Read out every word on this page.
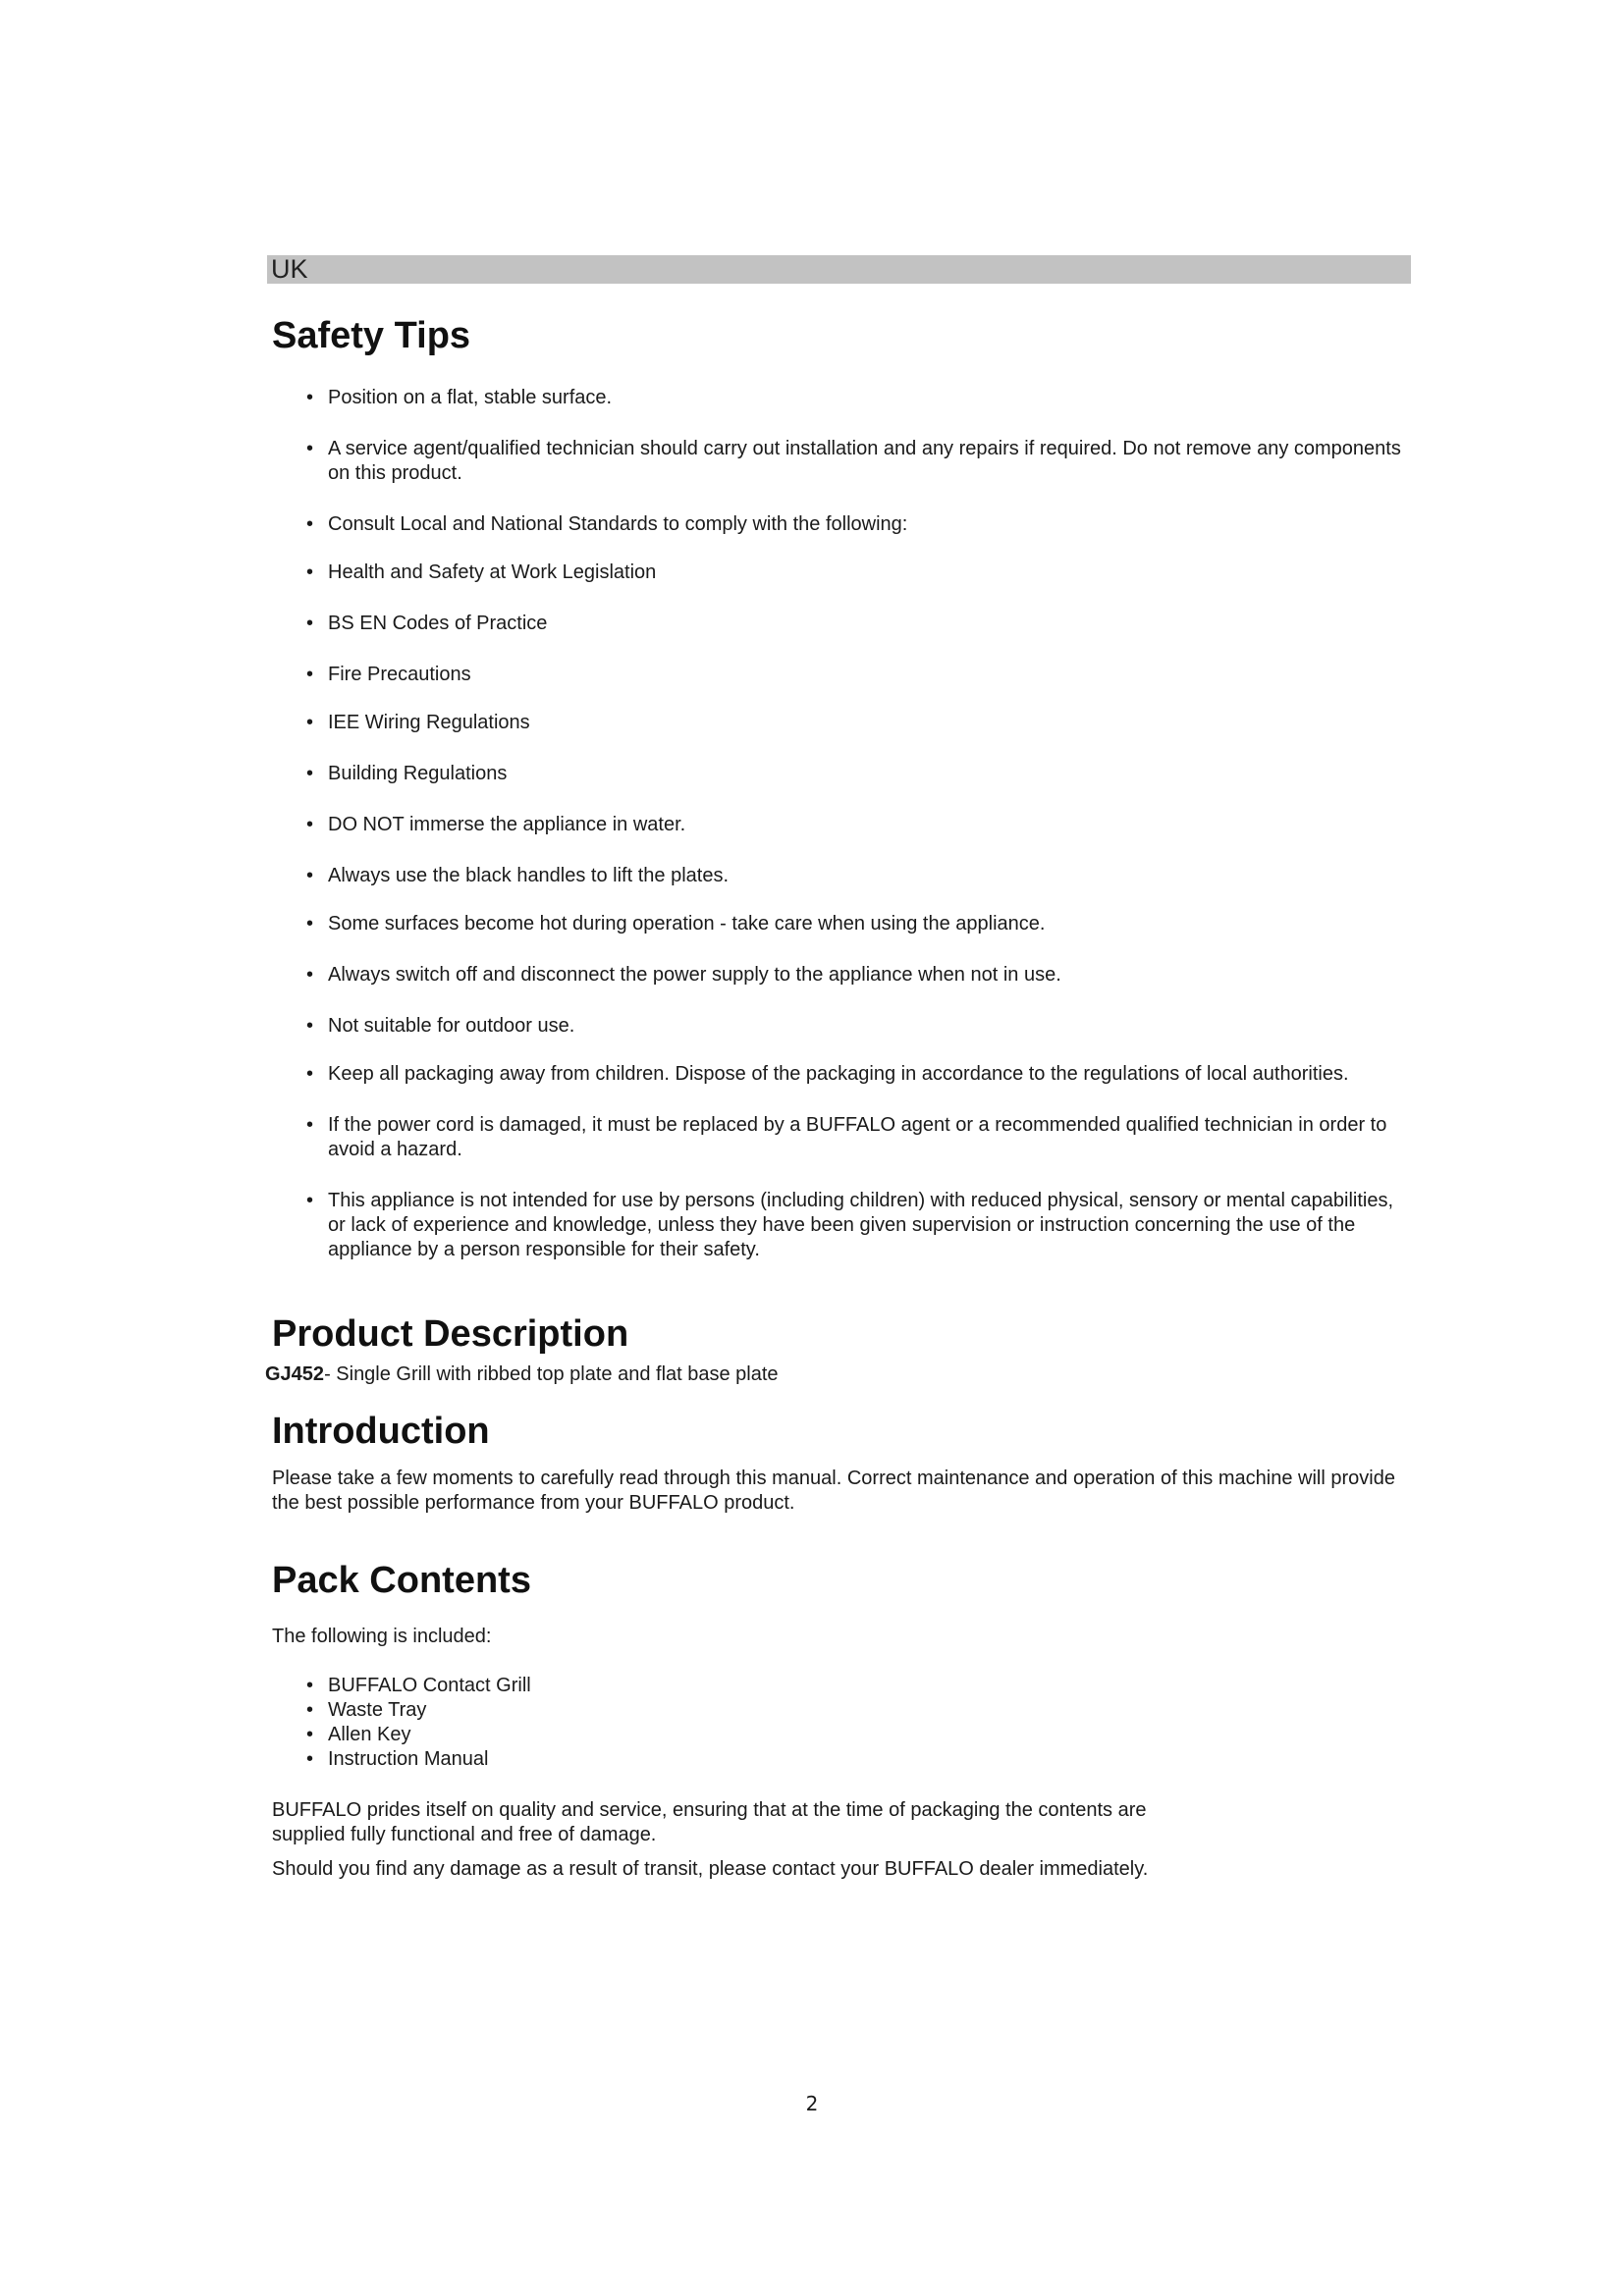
UK
Safety Tips
• Position on a flat, stable surface.
• A service agent/qualified technician should carry out installation and any repairs if required. Do not remove any components on this product.
• Consult Local and National Standards to comply with the following:
• Health and Safety at Work Legislation
• BS EN Codes of Practice
• Fire Precautions
• IEE Wiring Regulations
• Building Regulations
• DO NOT immerse the appliance in water.
• Always use the black handles to lift the plates.
• Some surfaces become hot during operation - take care when using the appliance.
• Always switch off and disconnect the power supply to the appliance when not in use.
• Not suitable for outdoor use.
• Keep all packaging away from children. Dispose of the packaging in accordance to the regulations of local authorities.
• If the power cord is damaged, it must be replaced by a BUFFALO agent or a recommended qualified technician in order to avoid a hazard.
• This appliance is not intended for use by persons (including children) with reduced physical, sensory or mental capabilities, or lack of experience and knowledge, unless they have been given supervision or instruction concerning the use of the appliance by a person responsible for their safety.
Product Description
GJ452- Single Grill with ribbed top plate and flat base plate
Introduction

Please take a few moments to carefully read through this manual. Correct maintenance and operation of this machine will provide the best possible performance from your BUFFALO product.

Pack Contents

The following is included:

• BUFFALO Contact Grill
• Waste Tray
• Allen Key
• Instruction Manual

BUFFALO prides itself on quality and service, ensuring that at the time of packaging the contents are supplied fully functional and free of damage.

Should you find any damage as a result of transit, please contact your BUFFALO dealer immediately.

2
